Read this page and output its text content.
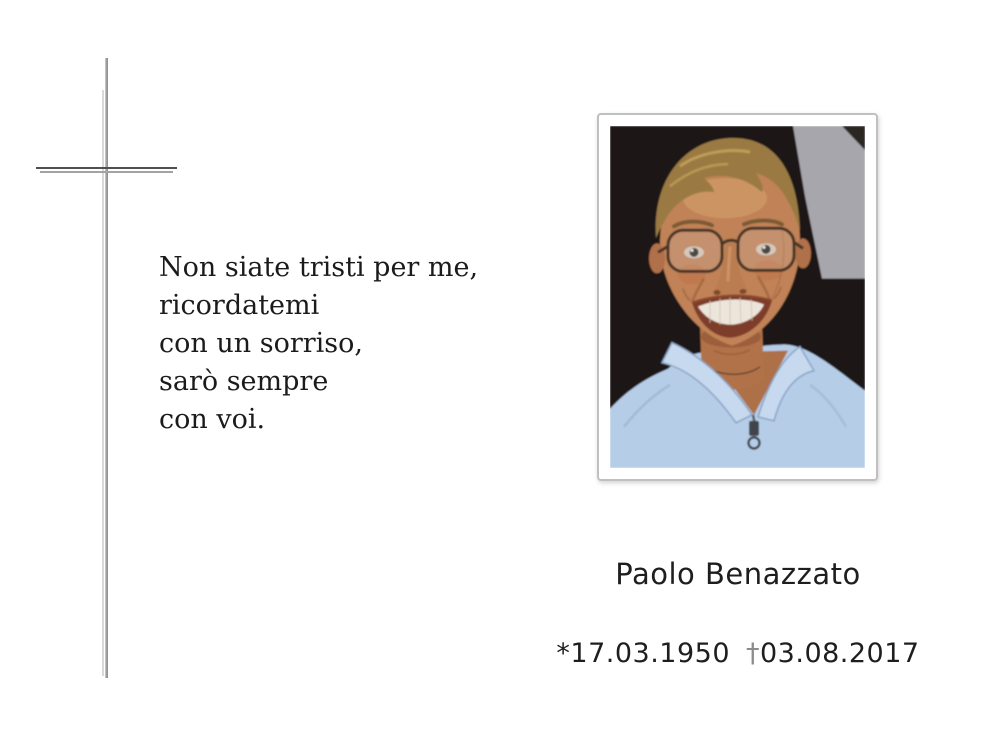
Non siate tristi per me,
ricordatemi
con un sorriso,
sarò sempre
con voi.
Paolo Benazzato
*17.03.1950 †03.08.2017
